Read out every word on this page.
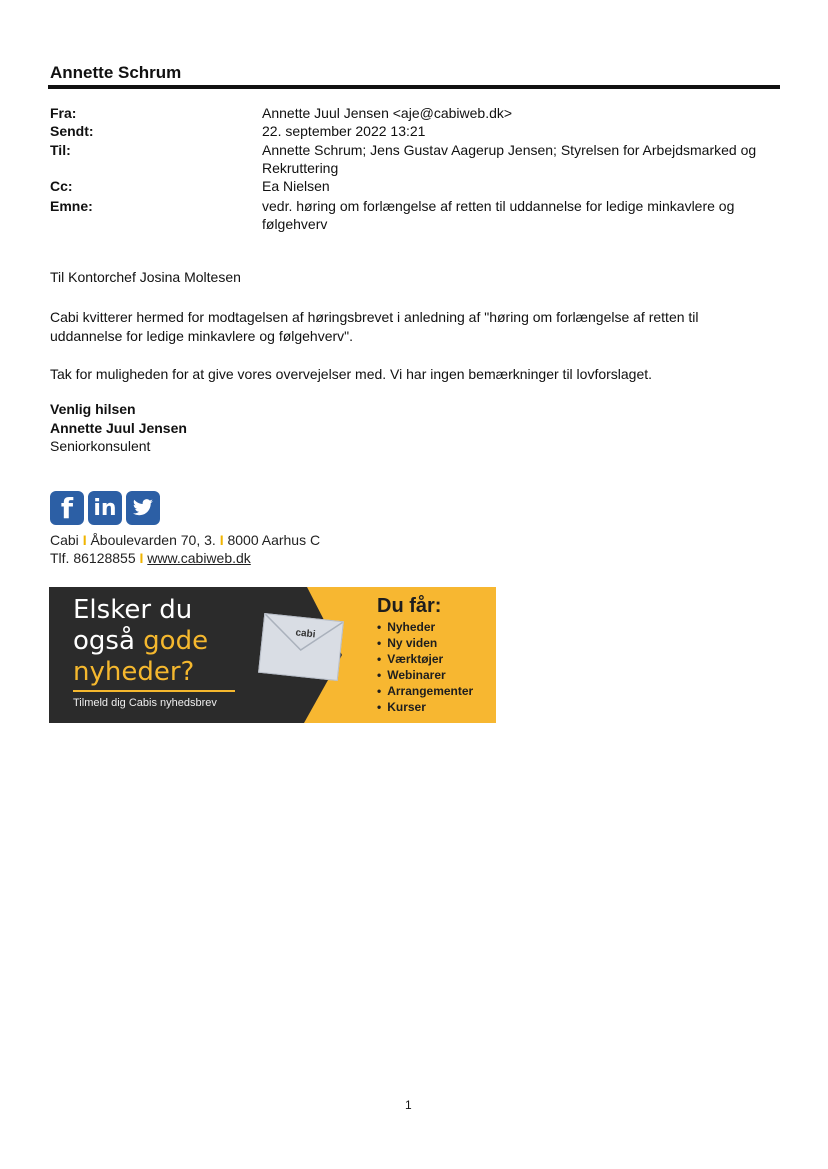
Annette Schrum
Fra:	Annette Juul Jensen <aje@cabiweb.dk>
Sendt:	22. september 2022 13:21
Til:	Annette Schrum; Jens Gustav Aagerup Jensen; Styrelsen for Arbejdsmarked og
Rekruttering
Cc:	Ea Nielsen
Emne:	vedr. høring om forlængelse af retten til uddannelse for ledige minkavlere og
følgehverv
Til Kontorchef Josina Moltesen
Cabi kvitterer hermed for modtagelsen af høringsbrevet i anledning af "høring om forlængelse af retten til
uddannelse for ledige minkavlere og følgehverv".
Tak for muligheden for at give vores overvejelser med. Vi har ingen bemærkninger til lovforslaget.
Venlig hilsen
Annette Juul Jensen
Seniorkonsulent
f in
Cabi I Åboulevarden 70, 3. I 8000 Aarhus C
Tlf. 86128855 I www.cabiweb.dk
Elsker du
også gode
nyheder?
Tilmeld dig Cabis nyhedsbrev
cabi
Du får:
• Nyheder
• Ny viden
• Værktøjer
• Webinarer
• Arrangementer
• Kurser
1
